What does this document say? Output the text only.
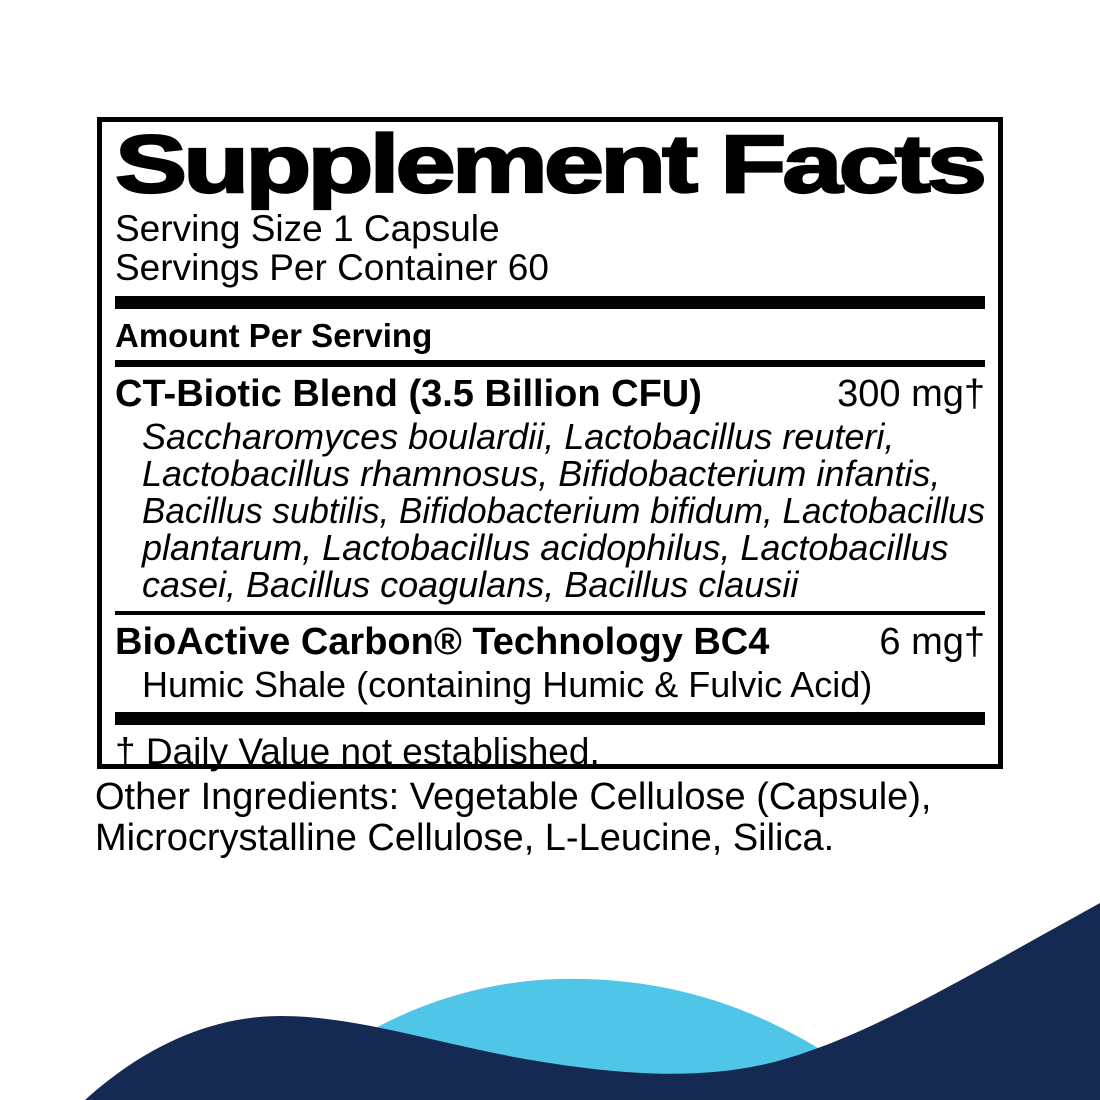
Supplement Facts
Serving Size 1 Capsule
Servings Per Container 60
Amount Per Serving
CT-Biotic Blend (3.5 Billion CFU)	300 mg†
Saccharomyces boulardii, Lactobacillus reuteri,
Lactobacillus rhamnosus, Bifidobacterium infantis,
Bacillus subtilis, Bifidobacterium bifidum, Lactobacillus
plantarum, Lactobacillus acidophilus, Lactobacillus
casei, Bacillus coagulans, Bacillus clausii
BioActive Carbon® Technology BC4	6 mg†
Humic Shale (containing Humic & Fulvic Acid)
† Daily Value not established.
Other Ingredients: Vegetable Cellulose (Capsule),
Microcrystalline Cellulose, L-Leucine, Silica.
